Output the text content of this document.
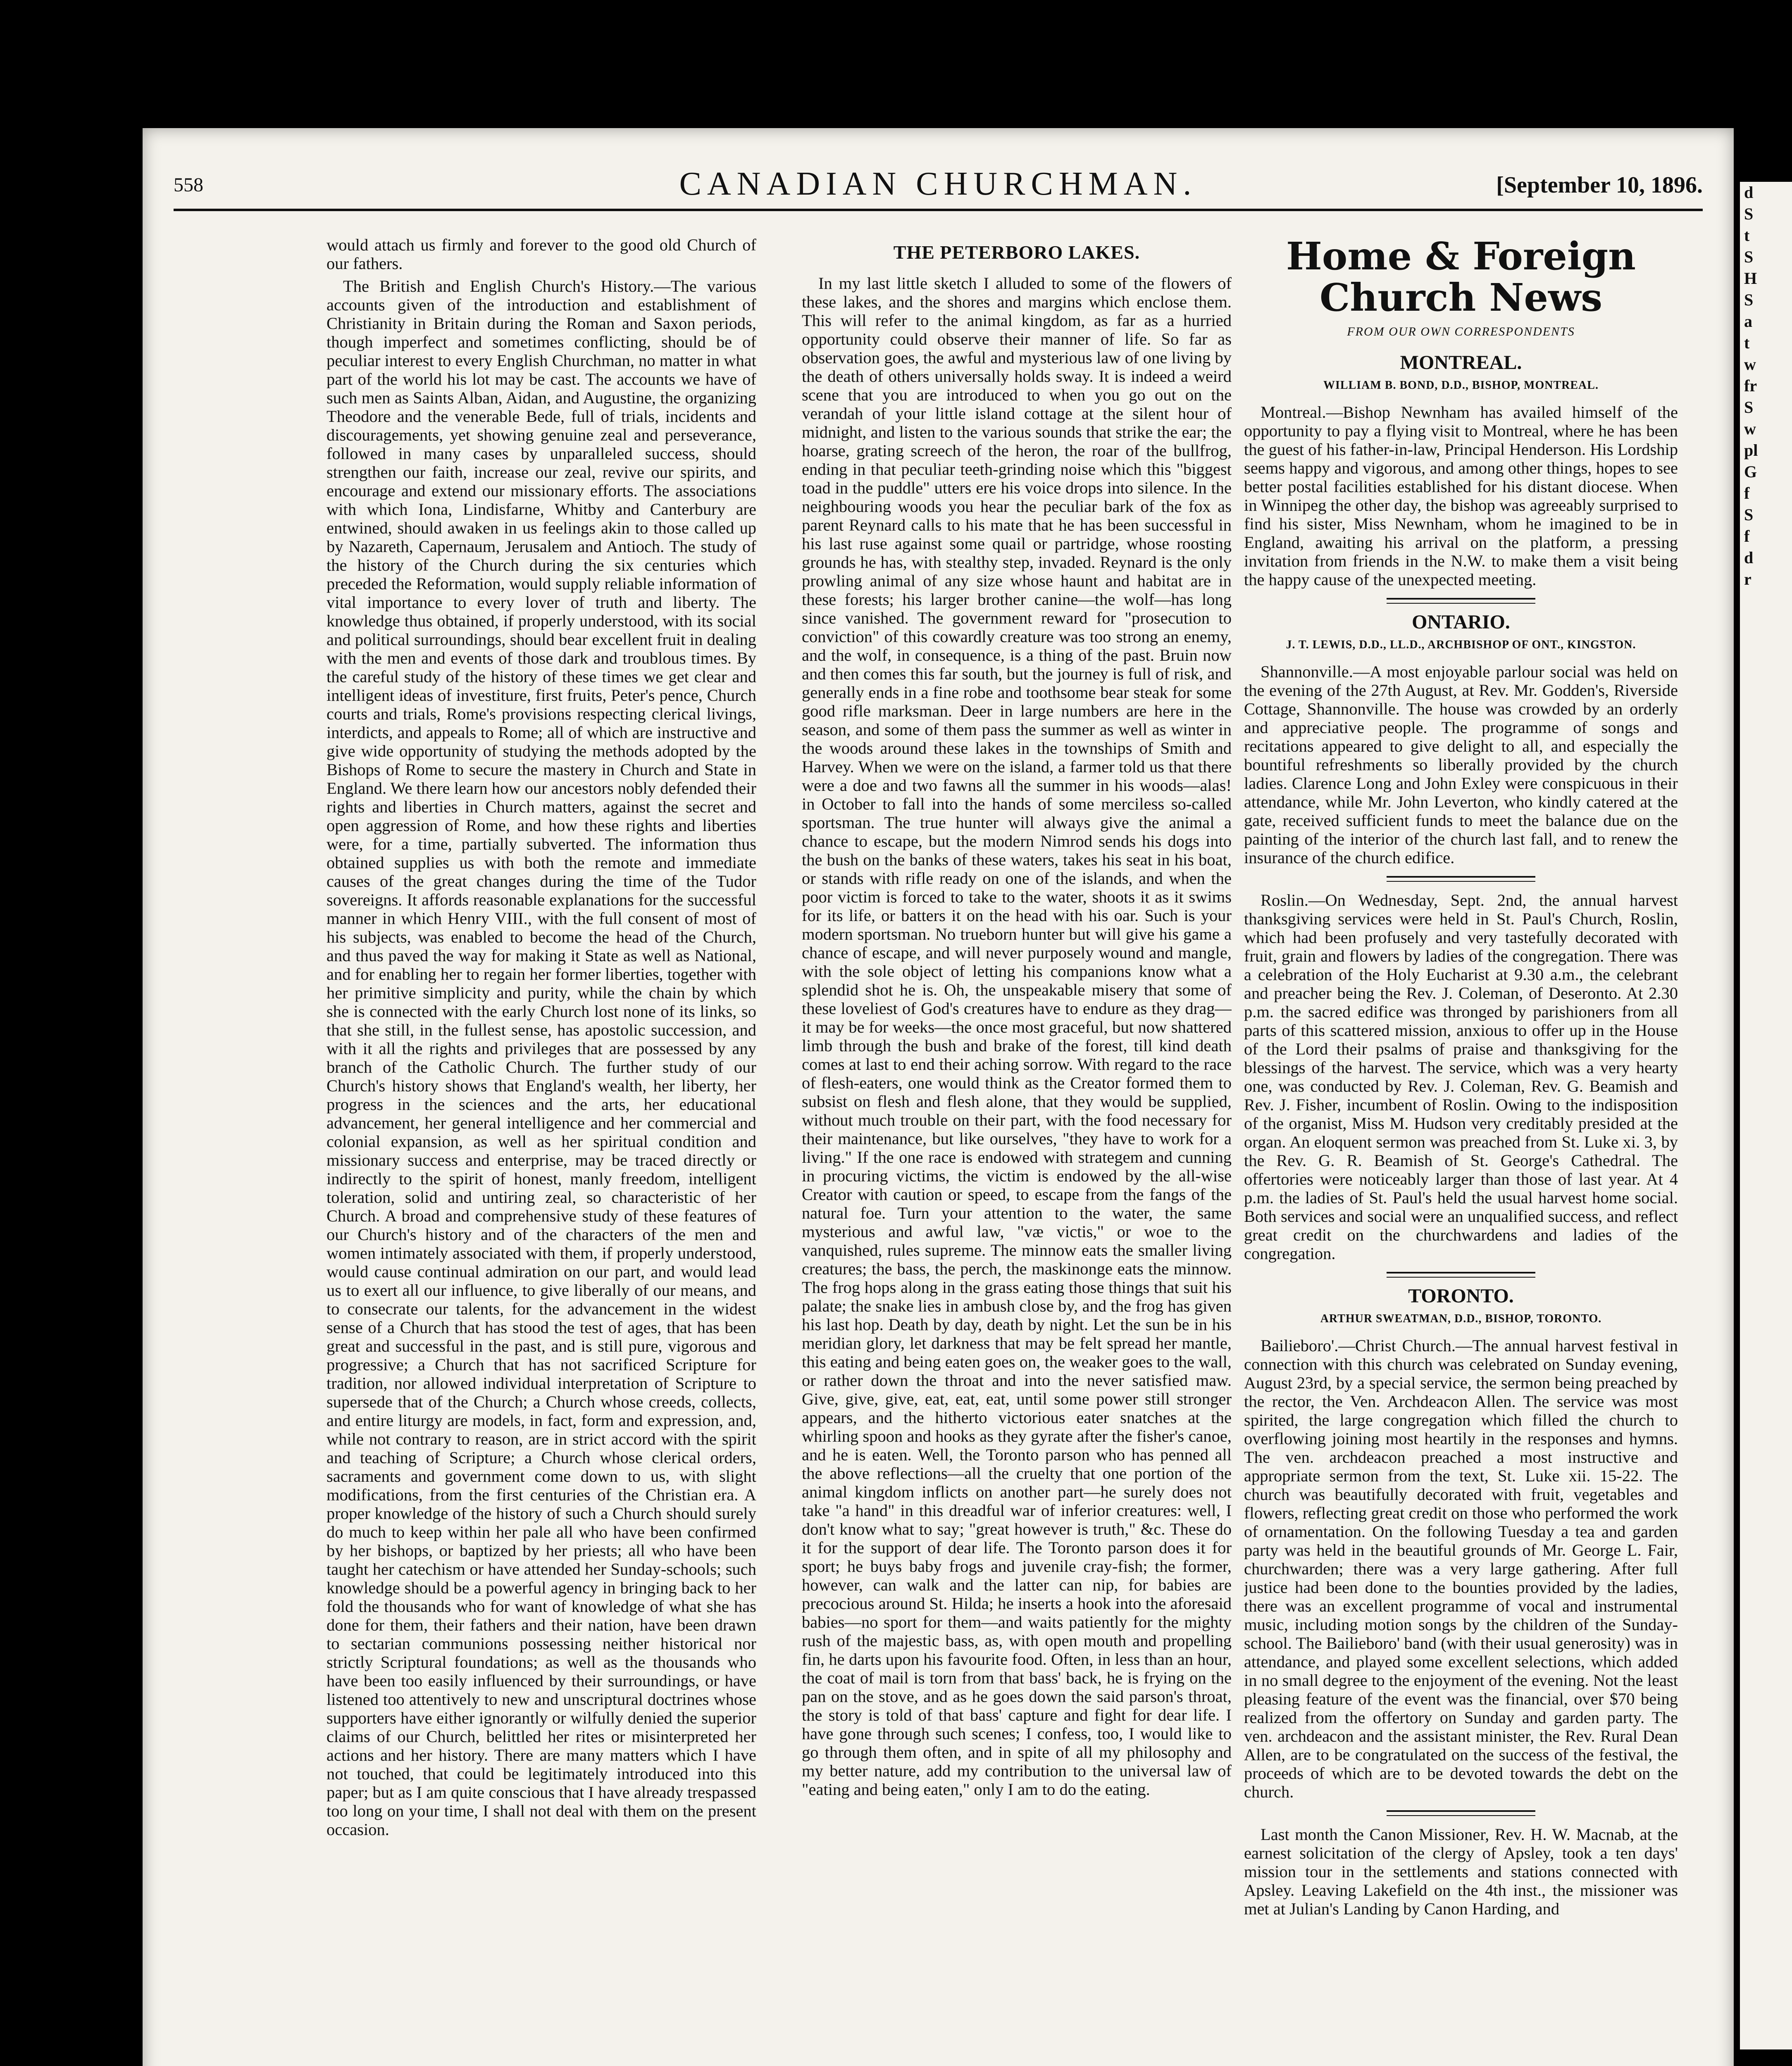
d
S
t
S
H
S
a
t
w
fr
S
w
pl
G
f
S
f
d
r
558	CANADIAN CHURCHMAN.	[September 10, 1896.

would attach us firmly and forever to the good old Church of our fathers.

The British and English Church's History.—The various accounts given of the introduction and establishment of Christianity in Britain during the Roman and Saxon periods, though imperfect and sometimes conflicting, should be of peculiar interest to every English Churchman, no matter in what part of the world his lot may be cast. The accounts we have of such men as Saints Alban, Aidan, and Augustine, the organizing Theodore and the venerable Bede, full of trials, incidents and discouragements, yet showing genuine zeal and perseverance, followed in many cases by unparalleled success, should strengthen our faith, increase our zeal, revive our spirits, and encourage and extend our missionary efforts. The associations with which Iona, Lindisfarne, Whitby and Canterbury are entwined, should awaken in us feelings akin to those called up by Nazareth, Capernaum, Jerusalem and Antioch. The study of the history of the Church during the six centuries which preceded the Reformation, would supply reliable information of vital importance to every lover of truth and liberty. The knowledge thus obtained, if properly understood, with its social and political surroundings, should bear excellent fruit in dealing with the men and events of those dark and troublous times. By the careful study of the history of these times we get clear and intelligent ideas of investiture, first fruits, Peter's pence, Church courts and trials, Rome's provisions respecting clerical livings, interdicts, and appeals to Rome; all of which are instructive and give wide opportunity of studying the methods adopted by the Bishops of Rome to secure the mastery in Church and State in England. We there learn how our ancestors nobly defended their rights and liberties in Church matters, against the secret and open aggression of Rome, and how these rights and liberties were, for a time, partially subverted. The information thus obtained supplies us with both the remote and immediate causes of the great changes during the time of the Tudor sovereigns. It affords reasonable explanations for the successful manner in which Henry VIII., with the full consent of most of his subjects, was enabled to become the head of the Church, and thus paved the way for making it State as well as National, and for enabling her to regain her former liberties, together with her primitive simplicity and purity, while the chain by which she is connected with the early Church lost none of its links, so that she still, in the fullest sense, has apostolic succession, and with it all the rights and privileges that are possessed by any branch of the Catholic Church. The further study of our Church's history shows that England's wealth, her liberty, her progress in the sciences and the arts, her educational advancement, her general intelligence and her commercial and colonial expansion, as well as her spiritual condition and missionary success and enterprise, may be traced directly or indirectly to the spirit of honest, manly freedom, intelligent toleration, solid and untiring zeal, so characteristic of her Church. A broad and comprehensive study of these features of our Church's history and of the characters of the men and women intimately associated with them, if properly understood, would cause continual admiration on our part, and would lead us to exert all our influence, to give liberally of our means, and to consecrate our talents, for the advancement in the widest sense of a Church that has stood the test of ages, that has been great and successful in the past, and is still pure, vigorous and progressive; a Church that has not sacrificed Scripture for tradition, nor allowed individual interpretation of Scripture to supersede that of the Church; a Church whose creeds, collects, and entire liturgy are models, in fact, form and expression, and, while not contrary to reason, are in strict accord with the spirit and teaching of Scripture; a Church whose clerical orders, sacraments and government come down to us, with slight modifications, from the first centuries of the Christian era. A proper knowledge of the history of such a Church should surely do much to keep within her pale all who have been confirmed by her bishops, or baptized by her priests; all who have been taught her catechism or have attended her Sunday-schools; such knowledge should be a powerful agency in bringing back to her fold the thousands who for want of knowledge of what she has done for them, their fathers and their nation, have been drawn to sectarian communions possessing neither historical nor strictly Scriptural foundations; as well as the thousands who have been too easily influenced by their surroundings, or have listened too attentively to new and unscriptural doctrines whose supporters have either ignorantly or wilfully denied the superior claims of our Church, belittled her rites or misinterpreted her actions and her history. There are many matters which I have not touched, that could be legitimately introduced into this paper; but as I am quite conscious that I have already trespassed too long on your time, I shall not deal with them on the present occasion.

THE PETERBORO LAKES.

In my last little sketch I alluded to some of the flowers of these lakes, and the shores and margins which enclose them. This will refer to the animal kingdom, as far as a hurried opportunity could observe their manner of life. So far as observation goes, the awful and mysterious law of one living by the death of others universally holds sway. It is indeed a weird scene that you are introduced to when you go out on the verandah of your little island cottage at the silent hour of midnight, and listen to the various sounds that strike the ear; the hoarse, grating screech of the heron, the roar of the bullfrog, ending in that peculiar teeth-grinding noise which this "biggest toad in the puddle" utters ere his voice drops into silence. In the neighbouring woods you hear the peculiar bark of the fox as parent Reynard calls to his mate that he has been successful in his last ruse against some quail or partridge, whose roosting grounds he has, with stealthy step, invaded. Reynard is the only prowling animal of any size whose haunt and habitat are in these forests; his larger brother canine—the wolf—has long since vanished. The government reward for "prosecution to conviction" of this cowardly creature was too strong an enemy, and the wolf, in consequence, is a thing of the past. Bruin now and then comes this far south, but the journey is full of risk, and generally ends in a fine robe and toothsome bear steak for some good rifle marksman. Deer in large numbers are here in the season, and some of them pass the summer as well as winter in the woods around these lakes in the townships of Smith and Harvey. When we were on the island, a farmer told us that there were a doe and two fawns all the summer in his woods—alas! in October to fall into the hands of some merciless so-called sportsman. The true hunter will always give the animal a chance to escape, but the modern Nimrod sends his dogs into the bush on the banks of these waters, takes his seat in his boat, or stands with rifle ready on one of the islands, and when the poor victim is forced to take to the water, shoots it as it swims for its life, or batters it on the head with his oar. Such is your modern sportsman. No trueborn hunter but will give his game a chance of escape, and will never purposely wound and mangle, with the sole object of letting his companions know what a splendid shot he is. Oh, the unspeakable misery that some of these loveliest of God's creatures have to endure as they drag—it may be for weeks—the once most graceful, but now shattered limb through the bush and brake of the forest, till kind death comes at last to end their aching sorrow. With regard to the race of flesh-eaters, one would think as the Creator formed them to subsist on flesh and flesh alone, that they would be supplied, without much trouble on their part, with the food necessary for their maintenance, but like ourselves, "they have to work for a living." If the one race is endowed with strategem and cunning in procuring victims, the victim is endowed by the all-wise Creator with caution or speed, to escape from the fangs of the natural foe. Turn your attention to the water, the same mysterious and awful law, "væ victis," or woe to the vanquished, rules supreme. The minnow eats the smaller living creatures; the bass, the perch, the maskinonge eats the minnow. The frog hops along in the grass eating those things that suit his palate; the snake lies in ambush close by, and the frog has given his last hop. Death by day, death by night. Let the sun be in his meridian glory, let darkness that may be felt spread her mantle, this eating and being eaten goes on, the weaker goes to the wall, or rather down the throat and into the never satisfied maw. Give, give, give, eat, eat, eat, until some power still stronger appears, and the hitherto victorious eater snatches at the whirling spoon and hooks as they gyrate after the fisher's canoe, and he is eaten. Well, the Toronto parson who has penned all the above reflections—all the cruelty that one portion of the animal kingdom inflicts on another part—he surely does not take "a hand" in this dreadful war of inferior creatures: well, I don't know what to say; "great however is truth," &c. These do it for the support of dear life. The Toronto parson does it for sport; he buys baby frogs and juvenile cray-fish; the former, however, can walk and the latter can nip, for babies are precocious around St. Hilda; he inserts a hook into the aforesaid babies—no sport for them—and waits patiently for the mighty rush of the majestic bass, as, with open mouth and propelling fin, he darts upon his favourite food. Often, in less than an hour, the coat of mail is torn from that bass' back, he is frying on the pan on the stove, and as he goes down the said parson's throat, the story is told of that bass' capture and fight for dear life. I have gone through such scenes; I confess, too, I would like to go through them often, and in spite of all my philosophy and my better nature, add my contribution to the universal law of "eating and being eaten," only I am to do the eating.

Home & Foreign Church News
FROM OUR OWN CORRESPONDENTS
MONTREAL.
WILLIAM B. BOND, D.D., BISHOP, MONTREAL.

Montreal.—Bishop Newnham has availed himself of the opportunity to pay a flying visit to Montreal, where he has been the guest of his father-in-law, Principal Henderson. His Lordship seems happy and vigorous, and among other things, hopes to see better postal facilities established for his distant diocese. When in Winnipeg the other day, the bishop was agreeably surprised to find his sister, Miss Newnham, whom he imagined to be in England, awaiting his arrival on the platform, a pressing invitation from friends in the N.W. to make them a visit being the happy cause of the unexpected meeting.

ONTARIO.
J. T. LEWIS, D.D., LL.D., ARCHBISHOP OF ONT., KINGSTON.

Shannonville.—A most enjoyable parlour social was held on the evening of the 27th August, at Rev. Mr. Godden's, Riverside Cottage, Shannonville. The house was crowded by an orderly and appreciative people. The programme of songs and recitations appeared to give delight to all, and especially the bountiful refreshments so liberally provided by the church ladies. Clarence Long and John Exley were conspicuous in their attendance, while Mr. John Leverton, who kindly catered at the gate, received sufficient funds to meet the balance due on the painting of the interior of the church last fall, and to renew the insurance of the church edifice.

Roslin.—On Wednesday, Sept. 2nd, the annual harvest thanksgiving services were held in St. Paul's Church, Roslin, which had been profusely and very tastefully decorated with fruit, grain and flowers by ladies of the congregation. There was a celebration of the Holy Eucharist at 9.30 a.m., the celebrant and preacher being the Rev. J. Coleman, of Deseronto. At 2.30 p.m. the sacred edifice was thronged by parishioners from all parts of this scattered mission, anxious to offer up in the House of the Lord their psalms of praise and thanksgiving for the blessings of the harvest. The service, which was a very hearty one, was conducted by Rev. J. Coleman, Rev. G. Beamish and Rev. J. Fisher, incumbent of Roslin. Owing to the indisposition of the organist, Miss M. Hudson very creditably presided at the organ. An eloquent sermon was preached from St. Luke xi. 3, by the Rev. G. R. Beamish of St. George's Cathedral. The offertories were noticeably larger than those of last year. At 4 p.m. the ladies of St. Paul's held the usual harvest home social. Both services and social were an unqualified success, and reflect great credit on the churchwardens and ladies of the congregation.

TORONTO.
ARTHUR SWEATMAN, D.D., BISHOP, TORONTO.

Bailieboro'.—Christ Church.—The annual harvest festival in connection with this church was celebrated on Sunday evening, August 23rd, by a special service, the sermon being preached by the rector, the Ven. Archdeacon Allen. The service was most spirited, the large congregation which filled the church to overflowing joining most heartily in the responses and hymns. The ven. archdeacon preached a most instructive and appropriate sermon from the text, St. Luke xii. 15-22. The church was beautifully decorated with fruit, vegetables and flowers, reflecting great credit on those who performed the work of ornamentation. On the following Tuesday a tea and garden party was held in the beautiful grounds of Mr. George L. Fair, churchwarden; there was a very large gathering. After full justice had been done to the bounties provided by the ladies, there was an excellent programme of vocal and instrumental music, including motion songs by the children of the Sunday-school. The Bailieboro' band (with their usual generosity) was in attendance, and played some excellent selections, which added in no small degree to the enjoyment of the evening. Not the least pleasing feature of the event was the financial, over $70 being realized from the offertory on Sunday and garden party. The ven. archdeacon and the assistant minister, the Rev. Rural Dean Allen, are to be congratulated on the success of the festival, the proceeds of which are to be devoted towards the debt on the church.

Last month the Canon Missioner, Rev. H. W. Macnab, at the earnest solicitation of the clergy of Apsley, took a ten days' mission tour in the settlements and stations connected with Apsley. Leaving Lakefield on the 4th inst., the missioner was met at Julian's Landing by Canon Harding, and
